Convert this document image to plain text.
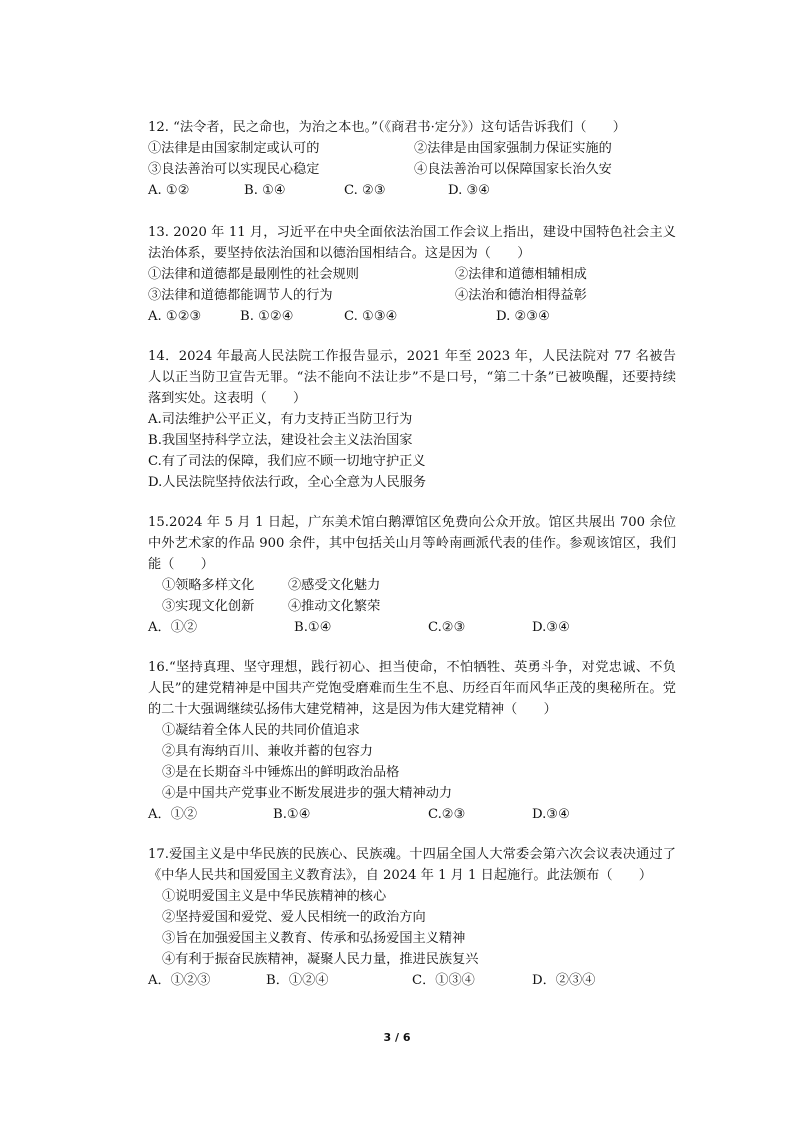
12. “法令者，民之命也，为治之本也。”（《商君书·定分》）这句话告诉我们（　　）
①法律是由国家制定或认可的	②法律是由国家强制力保证实施的
③良法善治可以实现民心稳定	④良法善治可以保障国家长治久安
A. ①②	B. ①④	C. ②③	D. ③④
13. 2020 年 11 月，习近平在中央全面依法治国工作会议上指出，建设中国特色社会主义法治体系，要坚持依法治国和以德治国相结合。这是因为（　　）
①法律和道德都是最刚性的社会规则	②法律和道德相辅相成
③法律和道德都能调节人的行为	④法治和德治相得益彰
A. ①②③	B. ①②④	C. ①③④	D. ②③④
14．2024 年最高人民法院工作报告显示，2021 年至 2023 年，人民法院对 77 名被告人以正当防卫宣告无罪。“法不能向不法让步”不是口号，“第二十条”已被唤醒，还要持续落到实处。这表明（　　）
A.司法维护公平正义，有力支持正当防卫行为
B.我国坚持科学立法，建设社会主义法治国家
C.有了司法的保障，我们应不顾一切地守护正义
D.人民法院坚持依法行政，全心全意为人民服务
15.2024 年 5 月 1 日起，广东美术馆白鹅潭馆区免费向公众开放。馆区共展出 700 余位中外艺术家的作品 900 余件，其中包括关山月等岭南画派代表的佳作。参观该馆区，我们能（　　）
①领略多样文化	②感受文化魅力
③实现文化创新	④推动文化繁荣
A．①②	B.①④	C.②③	D.③④
16.“坚持真理、坚守理想，践行初心、担当使命，不怕牺牲、英勇斗争，对党忠诚、不负人民”的建党精神是中国共产党饱受磨难而生生不息、历经百年而风华正茂的奥秘所在。党的二十大强调继续弘扬伟大建党精神，这是因为伟大建党精神（　　）
①凝结着全体人民的共同价值追求
②具有海纳百川、兼收并蓄的包容力
③是在长期奋斗中锤炼出的鲜明政治品格
④是中国共产党事业不断发展进步的强大精神动力
A．①②	B.①④	C.②③	D.③④
17.爱国主义是中华民族的民族心、民族魂。十四届全国人大常委会第六次会议表决通过了《中华人民共和国爱国主义教育法》，自 2024 年 1 月 1 日起施行。此法颁布（　　）
①说明爱国主义是中华民族精神的核心
②坚持爱国和爱党、爱人民相统一的政治方向
③旨在加强爱国主义教育、传承和弘扬爱国主义精神
④有利于振奋民族精神，凝聚人民力量，推进民族复兴
A．①②③	B．①②④	C．①③④	D．②③④
3 / 6
